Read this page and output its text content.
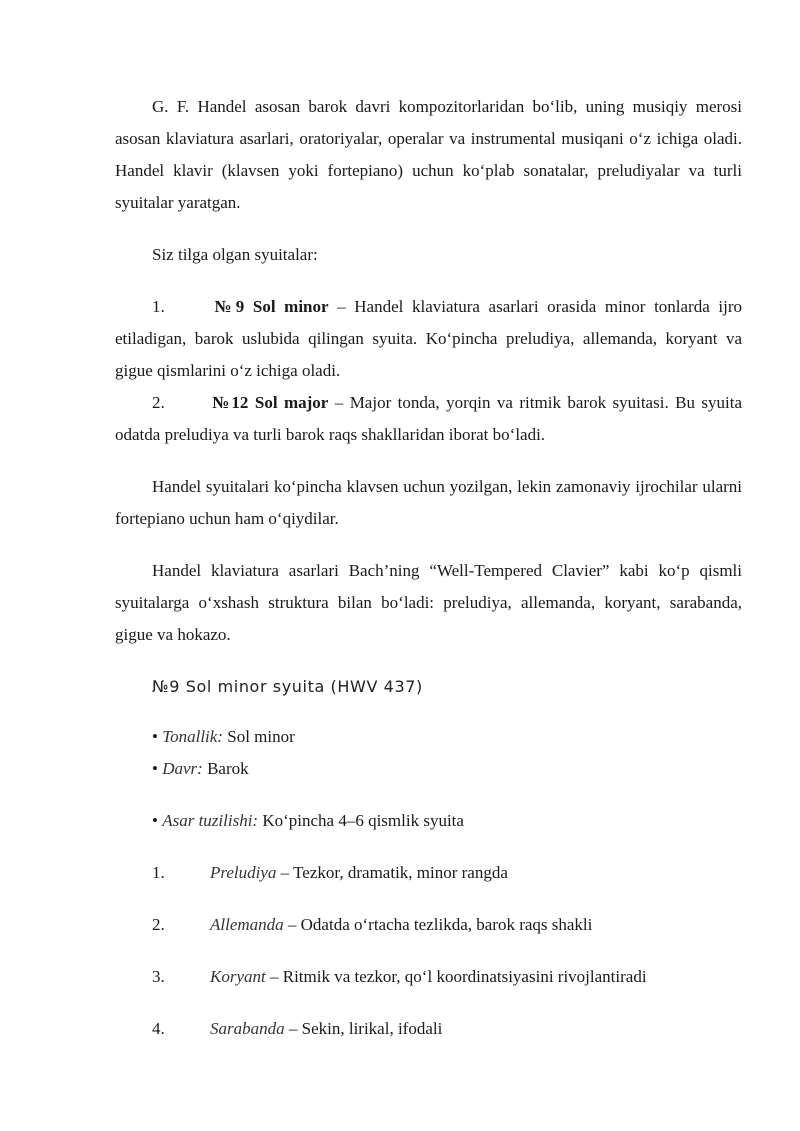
G. F. Handel asosan barok davri kompozitorlaridan bo‘lib, uning musiqiy merosi asosan klaviatura asarlari, oratoriyalar, operalar va instrumental musiqani o‘z ichiga oladi. Handel klavir (klavsen yoki fortepiano) uchun ko‘plab sonatalar, preludiyalar va turli syuitalar yaratgan.

Siz tilga olgan syuitalar:

1.	№9 Sol minor – Handel klaviatura asarlari orasida minor tonlarda ijro etiladigan, barok uslubida qilingan syuita. Ko‘pincha preludiya, allemanda, koryant va gigue qismlarini o‘z ichiga oladi.

2.	№12 Sol major – Major tonda, yorqin va ritmik barok syuitasi. Bu syuita odatda preludiya va turli barok raqs shakllaridan iborat bo‘ladi.

Handel syuitalari ko‘pincha klavsen uchun yozilgan, lekin zamonaviy ijrochilar ularni fortepiano uchun ham o‘qiydilar.

Handel klaviatura asarlari Bach’ning “Well-Tempered Clavier” kabi ko‘p qismli syuitalarga o‘xshash struktura bilan bo‘ladi: preludiya, allemanda, koryant, sarabanda, gigue va hokazo.

№9 Sol minor syuita (HWV 437)

• Tonallik: Sol minor

• Davr: Barok

• Asar tuzilishi: Ko‘pincha 4–6 qismlik syuita

1.	Preludiya – Tezkor, dramatik, minor rangda

2.	Allemanda – Odatda o‘rtacha tezlikda, barok raqs shakli

3.	Koryant – Ritmik va tezkor, qo‘l koordinatsiyasini rivojlantiradi

4.	Sarabanda – Sekin, lirikal, ifodali
